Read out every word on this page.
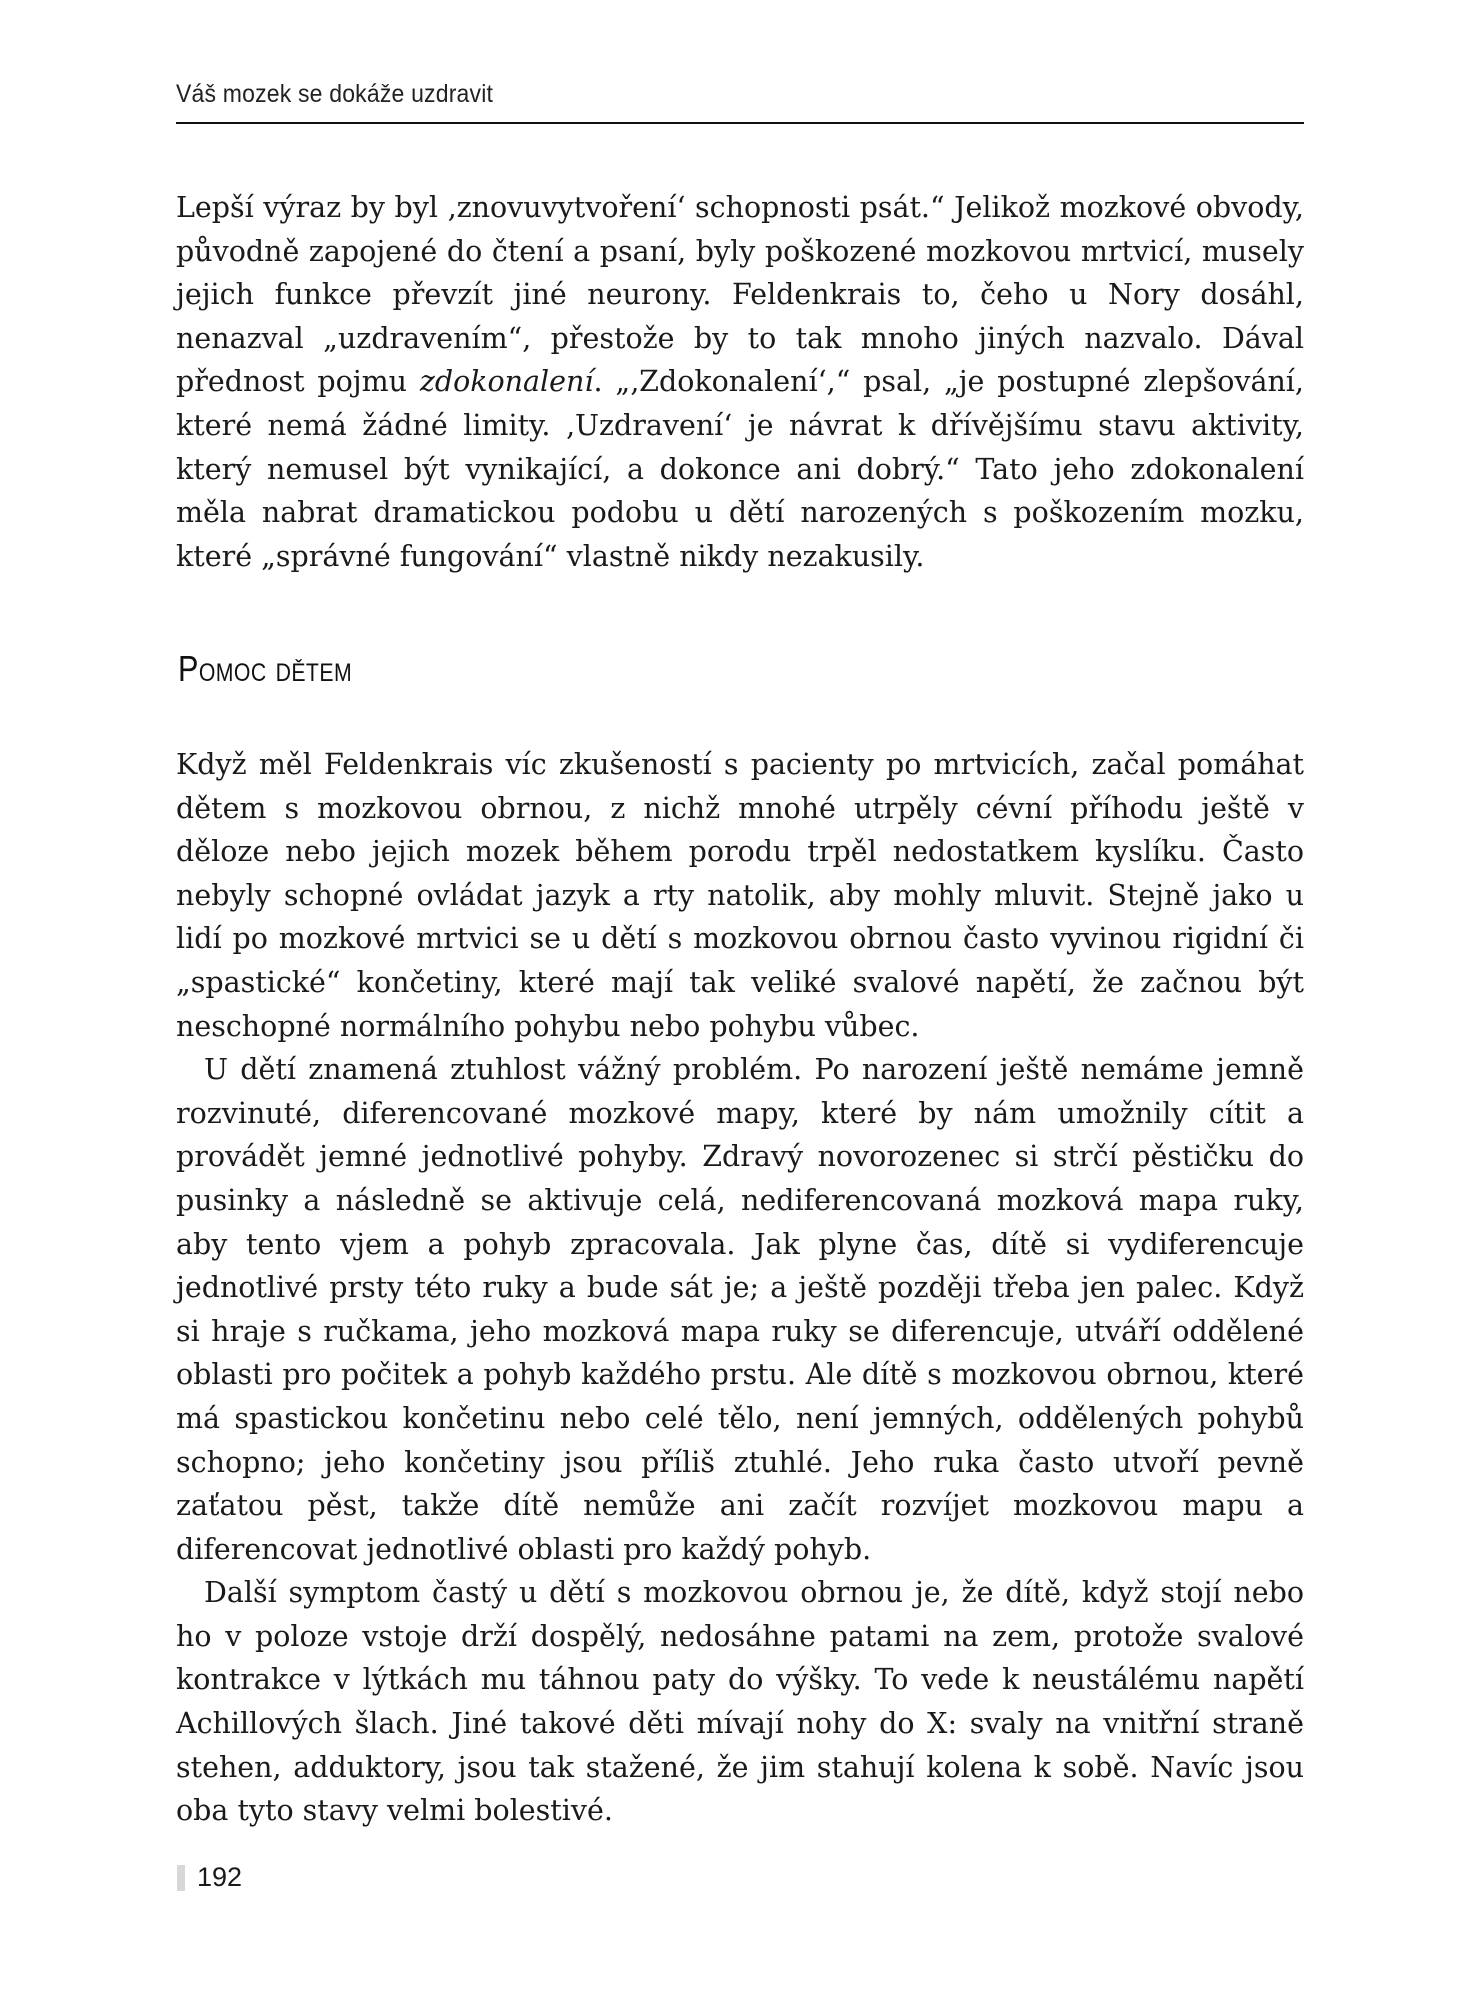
Váš mozek se dokáže uzdravit

Lepší výraz by byl ‚znovuvytvoření‘ schopnosti psát.“ Jelikož mozkové obvody, původně zapojené do čtení a psaní, byly poškozené mozkovou mrtvicí, musely jejich funkce převzít jiné neurony. Feldenkrais to, čeho u Nory dosáhl, nenazval „uzdravením“, přestože by to tak mnoho jiných nazvalo. Dával přednost pojmu zdokonalení. „‚Zdokonalení‘,“ psal, „je postupné zlepšování, které nemá žádné limity. ‚Uzdravení‘ je návrat k dřívějšímu stavu aktivity, který nemusel být vynikající, a dokonce ani dobrý.“ Tato jeho zdokonalení měla nabrat dramatickou podobu u dětí narozených s poškozením mozku, které „správné fungování“ vlastně nikdy nezakusily.

Pomoc dětem

Když měl Feldenkrais víc zkušeností s pacienty po mrtvicích, začal pomáhat dětem s mozkovou obrnou, z nichž mnohé utrpěly cévní příhodu ještě v děloze nebo jejich mozek během porodu trpěl nedostatkem kyslíku. Často nebyly schopné ovládat jazyk a rty natolik, aby mohly mluvit. Stejně jako u lidí po mozkové mrtvici se u dětí s mozkovou obrnou často vyvinou rigidní či „spastické“ končetiny, které mají tak veliké svalové napětí, že začnou být neschopné normálního pohybu nebo pohybu vůbec.

U dětí znamená ztuhlost vážný problém. Po narození ještě nemáme jemně rozvinuté, diferencované mozkové mapy, které by nám umožnily cítit a provádět jemné jednotlivé pohyby. Zdravý novorozenec si strčí pěstičku do pusinky a následně se aktivuje celá, nediferencovaná mozková mapa ruky, aby tento vjem a pohyb zpracovala. Jak plyne čas, dítě si vydiferencuje jednotlivé prsty této ruky a bude sát je; a ještě později třeba jen palec. Když si hraje s ručkama, jeho mozková mapa ruky se diferencuje, utváří oddělené oblasti pro počitek a pohyb každého prstu. Ale dítě s mozkovou obrnou, které má spastickou končetinu nebo celé tělo, není jemných, oddělených pohybů schopno; jeho končetiny jsou příliš ztuhlé. Jeho ruka často utvoří pevně zaťatou pěst, takže dítě nemůže ani začít rozvíjet mozkovou mapu a diferencovat jednotlivé oblasti pro každý pohyb.

Další symptom častý u dětí s mozkovou obrnou je, že dítě, když stojí nebo ho v poloze vstoje drží dospělý, nedosáhne patami na zem, protože svalové kontrakce v lýtkách mu táhnou paty do výšky. To vede k neustálému napětí Achillových šlach. Jiné takové děti mívají nohy do X: svaly na vnitřní straně stehen, adduktory, jsou tak stažené, že jim stahují kolena k sobě. Navíc jsou oba tyto stavy velmi bolestivé.

192
